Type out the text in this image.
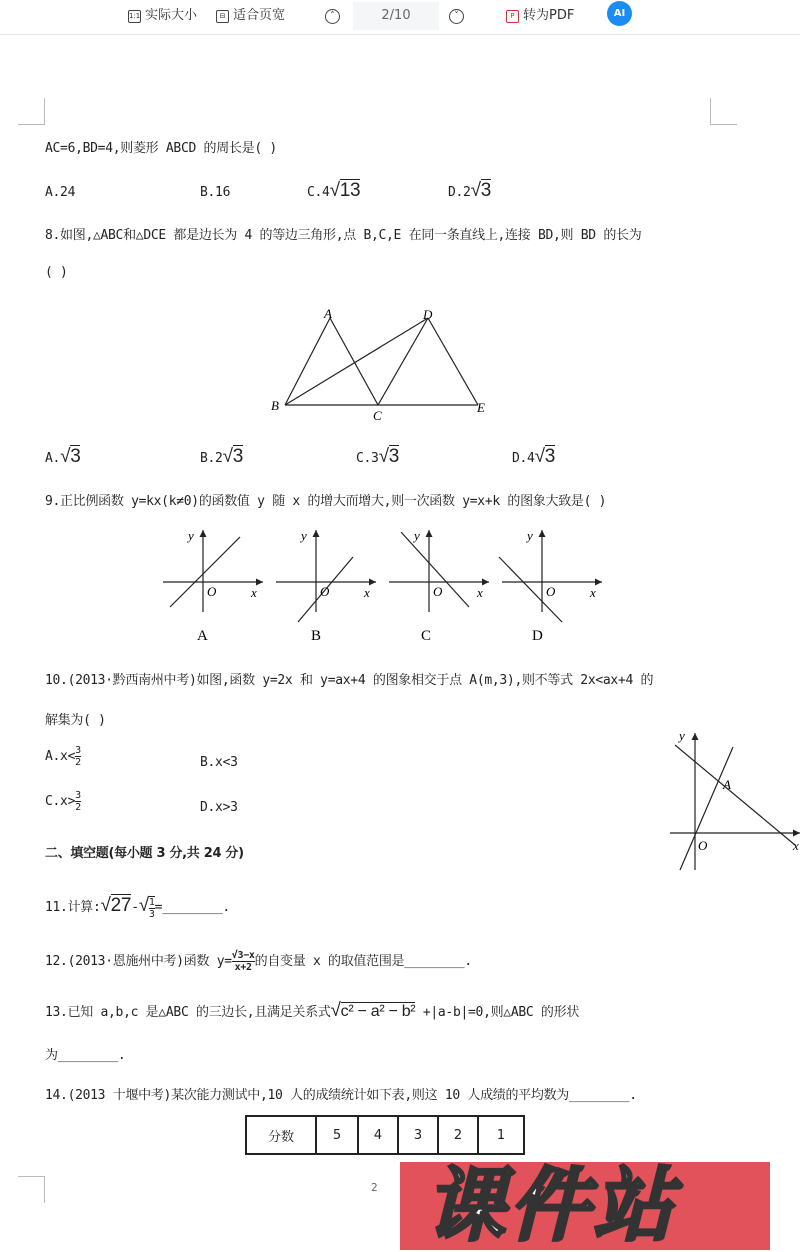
1:1 实际大小	⊟ 适合页宽	˄	2/10	˅	P 转为PDF	AI
AC=6,BD=4,则菱形 ABCD 的周长是( )
A.24	B.16	C.4√13	D.2√3
8.如图,△ABC和△DCE 都是边长为 4 的等边三角形,点 B,C,E 在同一条直线上,连接 BD,则 BD 的长为
( )
A	D
B
C
E
A.√3	B.2√3	C.3√3	D.4√3
9.正比例函数 y=kx(k≠0)的函数值 y 随 x 的增大而增大,则一次函数 y=x+k 的图象大致是( )
y
x
O
y
x
O
y
x
O
y
x
O
A	B	C	D
10.(2013·黔西南州中考)如图,函数 y=2x 和 y=ax+4 的图象相交于点 A(m,3),则不等式 2x<ax+4 的
解集为( )
$A.x< \frac{3}{2}$	B.x<3
$C.x> \frac{3}{2}$	D.x>3
y
x
O
A
二、填空题(每小题 3 分,共 24 分)
11.计算:√27-√ $\frac{1}{3}$ =________.
12.(2013·恩施州中考)函数 $y= \frac{√3-x}{x+2}$ 的自变量 x 的取值范围是________.
13.已知 a,b,c 是△ABC 的三边长,且满足关系式√c² − a² − b² +|a-b|=0,则△ABC 的形状
为________.
14.(2013 十堰中考)某次能力测试中,10 人的成绩统计如下表,则这 10 人成绩的平均数为________.
分数	5	4	3	2	1
2 课件站
